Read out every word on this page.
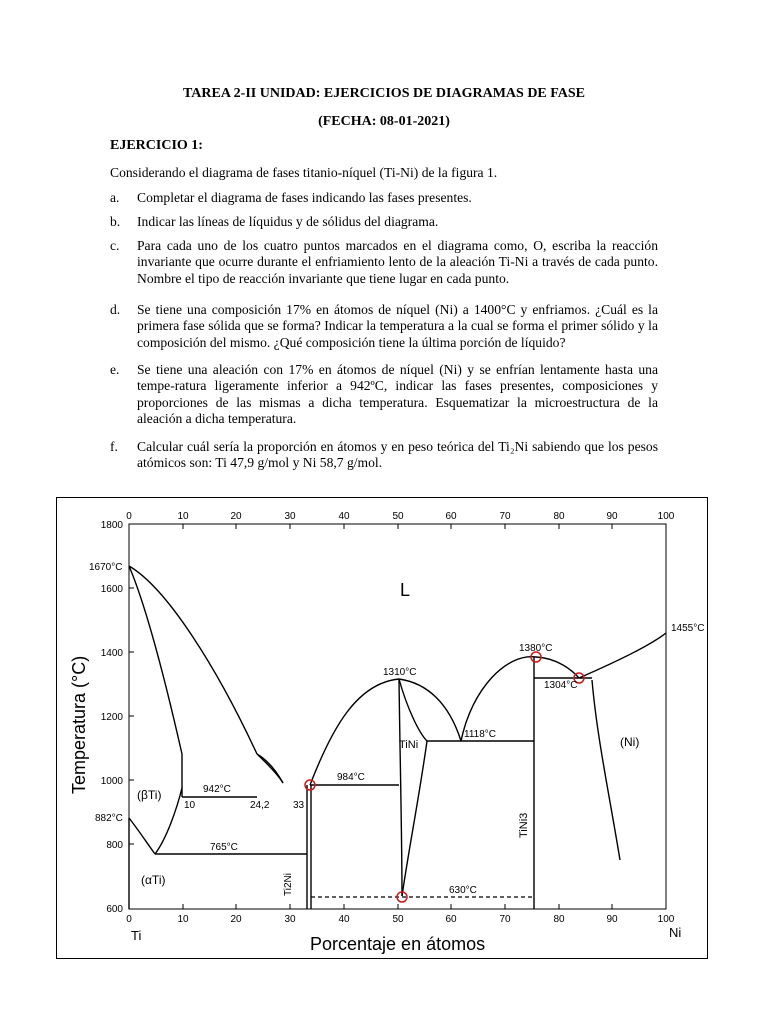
TAREA 2-II UNIDAD: EJERCICIOS DE DIAGRAMAS DE FASE
(FECHA: 08-01-2021)
EJERCICIO 1:
Considerando el diagrama de fases titanio-níquel (Ti-Ni) de la figura 1.
a. Completar el diagrama de fases indicando las fases presentes.
b. Indicar las líneas de líquidus y de sólidus del diagrama.
c. Para cada uno de los cuatro puntos marcados en el diagrama como, O, escriba la reacción invariante que ocurre durante el enfriamiento lento de la aleación Ti-Ni a través de cada punto. Nombre el tipo de reacción invariante que tiene lugar en cada punto.
d. Se tiene una composición 17% en átomos de níquel (Ni) a 1400°C y enfriamos. ¿Cuál es la primera fase sólida que se forma? Indicar la temperatura a la cual se forma el primer sólido y la composición del mismo. ¿Qué composición tiene la última porción de líquido?
e. Se tiene una aleación con 17% en átomos de níquel (Ni) y se enfrían lentamente hasta una tempe-ratura ligeramente inferior a 942ºC, indicar las fases presentes, composiciones y proporciones de las mismas a dicha temperatura. Esquematizar la microestructura de la aleación a dicha temperatura.
f. Calcular cuál sería la proporción en átomos y en peso teórica del Ti₂Ni sabiendo que los pesos atómicos son: Ti 47,9 g/mol y Ni 58,7 g/mol.
0	10	20	30	40	50	60	70	80	90	100
0	10	20	30	40	50	60	70	80	90	100
1800
1600
1400
1200
1000
800
600
L
1670°C
882°C
(βTi)	942°C
10	24,2 33
765°C
(αTi)
984°C
1310°C
TiNi
1118°C
1380°C
1304°C
1455°C
(Ni)
630°C
Ti2Ni
TiNi3
Temperatura (°C)
Porcentaje en átomos
Ti	Ni
